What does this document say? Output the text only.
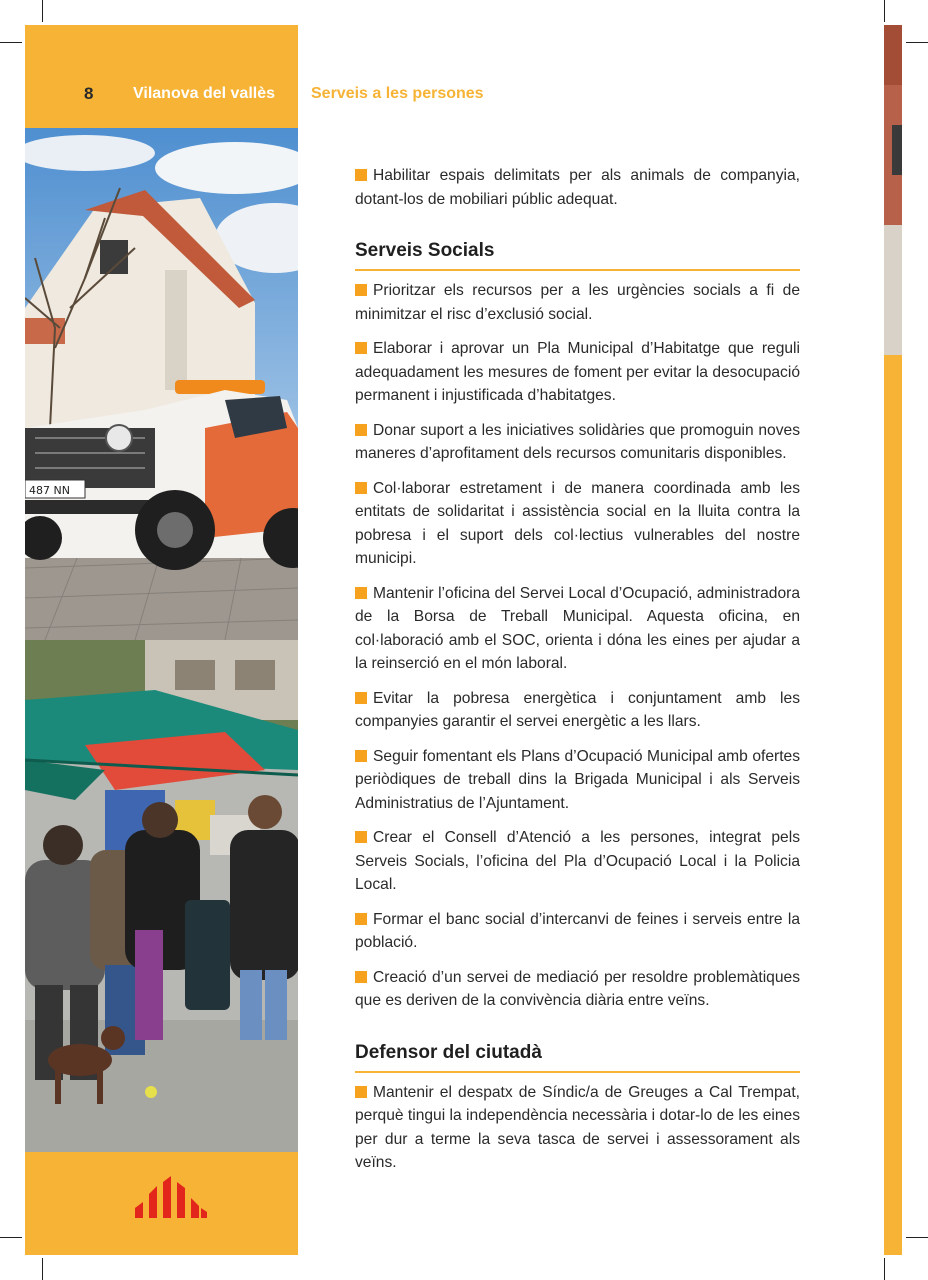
8 Vilanova del vallès Serveis a les persones
487 NN

Habilitar espais delimitats per als animals de companyia, dotant-los de mobiliari públic adequat.

Serveis Socials

Prioritzar els recursos per a les urgències socials a fi de minimitzar el risc d’exclusió social.

Elaborar i aprovar un Pla Municipal d’Habitatge que reguli adequadament les mesures de foment per evitar la desocupació permanent i injustificada d’habitatges.

Donar suport a les iniciatives solidàries que promoguin noves maneres d’aprofitament dels recursos comunitaris disponibles.

Col·laborar estretament i de manera coordinada amb les entitats de solidaritat i assistència social en la lluita contra la pobresa i el suport dels col·lectius vulnerables del nostre municipi.

Mantenir l’oficina del Servei Local d’Ocupació, administradora de la Borsa de Treball Municipal. Aquesta oficina, en col·laboració amb el SOC, orienta i dóna les eines per ajudar a la reinserció en el món laboral.

Evitar la pobresa energètica i conjuntament amb les companyies garantir el servei energètic a les llars.

Seguir fomentant els Plans d’Ocupació Municipal amb ofertes periòdiques de treball dins la Brigada Municipal i als Serveis Administratius de l’Ajuntament.

Crear el Consell d’Atenció a les persones, integrat pels Serveis Socials, l’oficina del Pla d’Ocupació Local i la Policia Local.

Formar el banc social d’intercanvi de feines i serveis entre la població.

Creació d’un servei de mediació per resoldre problemàtiques que es deriven de la convivència diària entre veïns.

Defensor del ciutadà

Mantenir el despatx de Síndic/a de Greuges a Cal Trempat, perquè tingui la independència necessària i dotar-lo de les eines per dur a terme la seva tasca de servei i assessorament als veïns.
